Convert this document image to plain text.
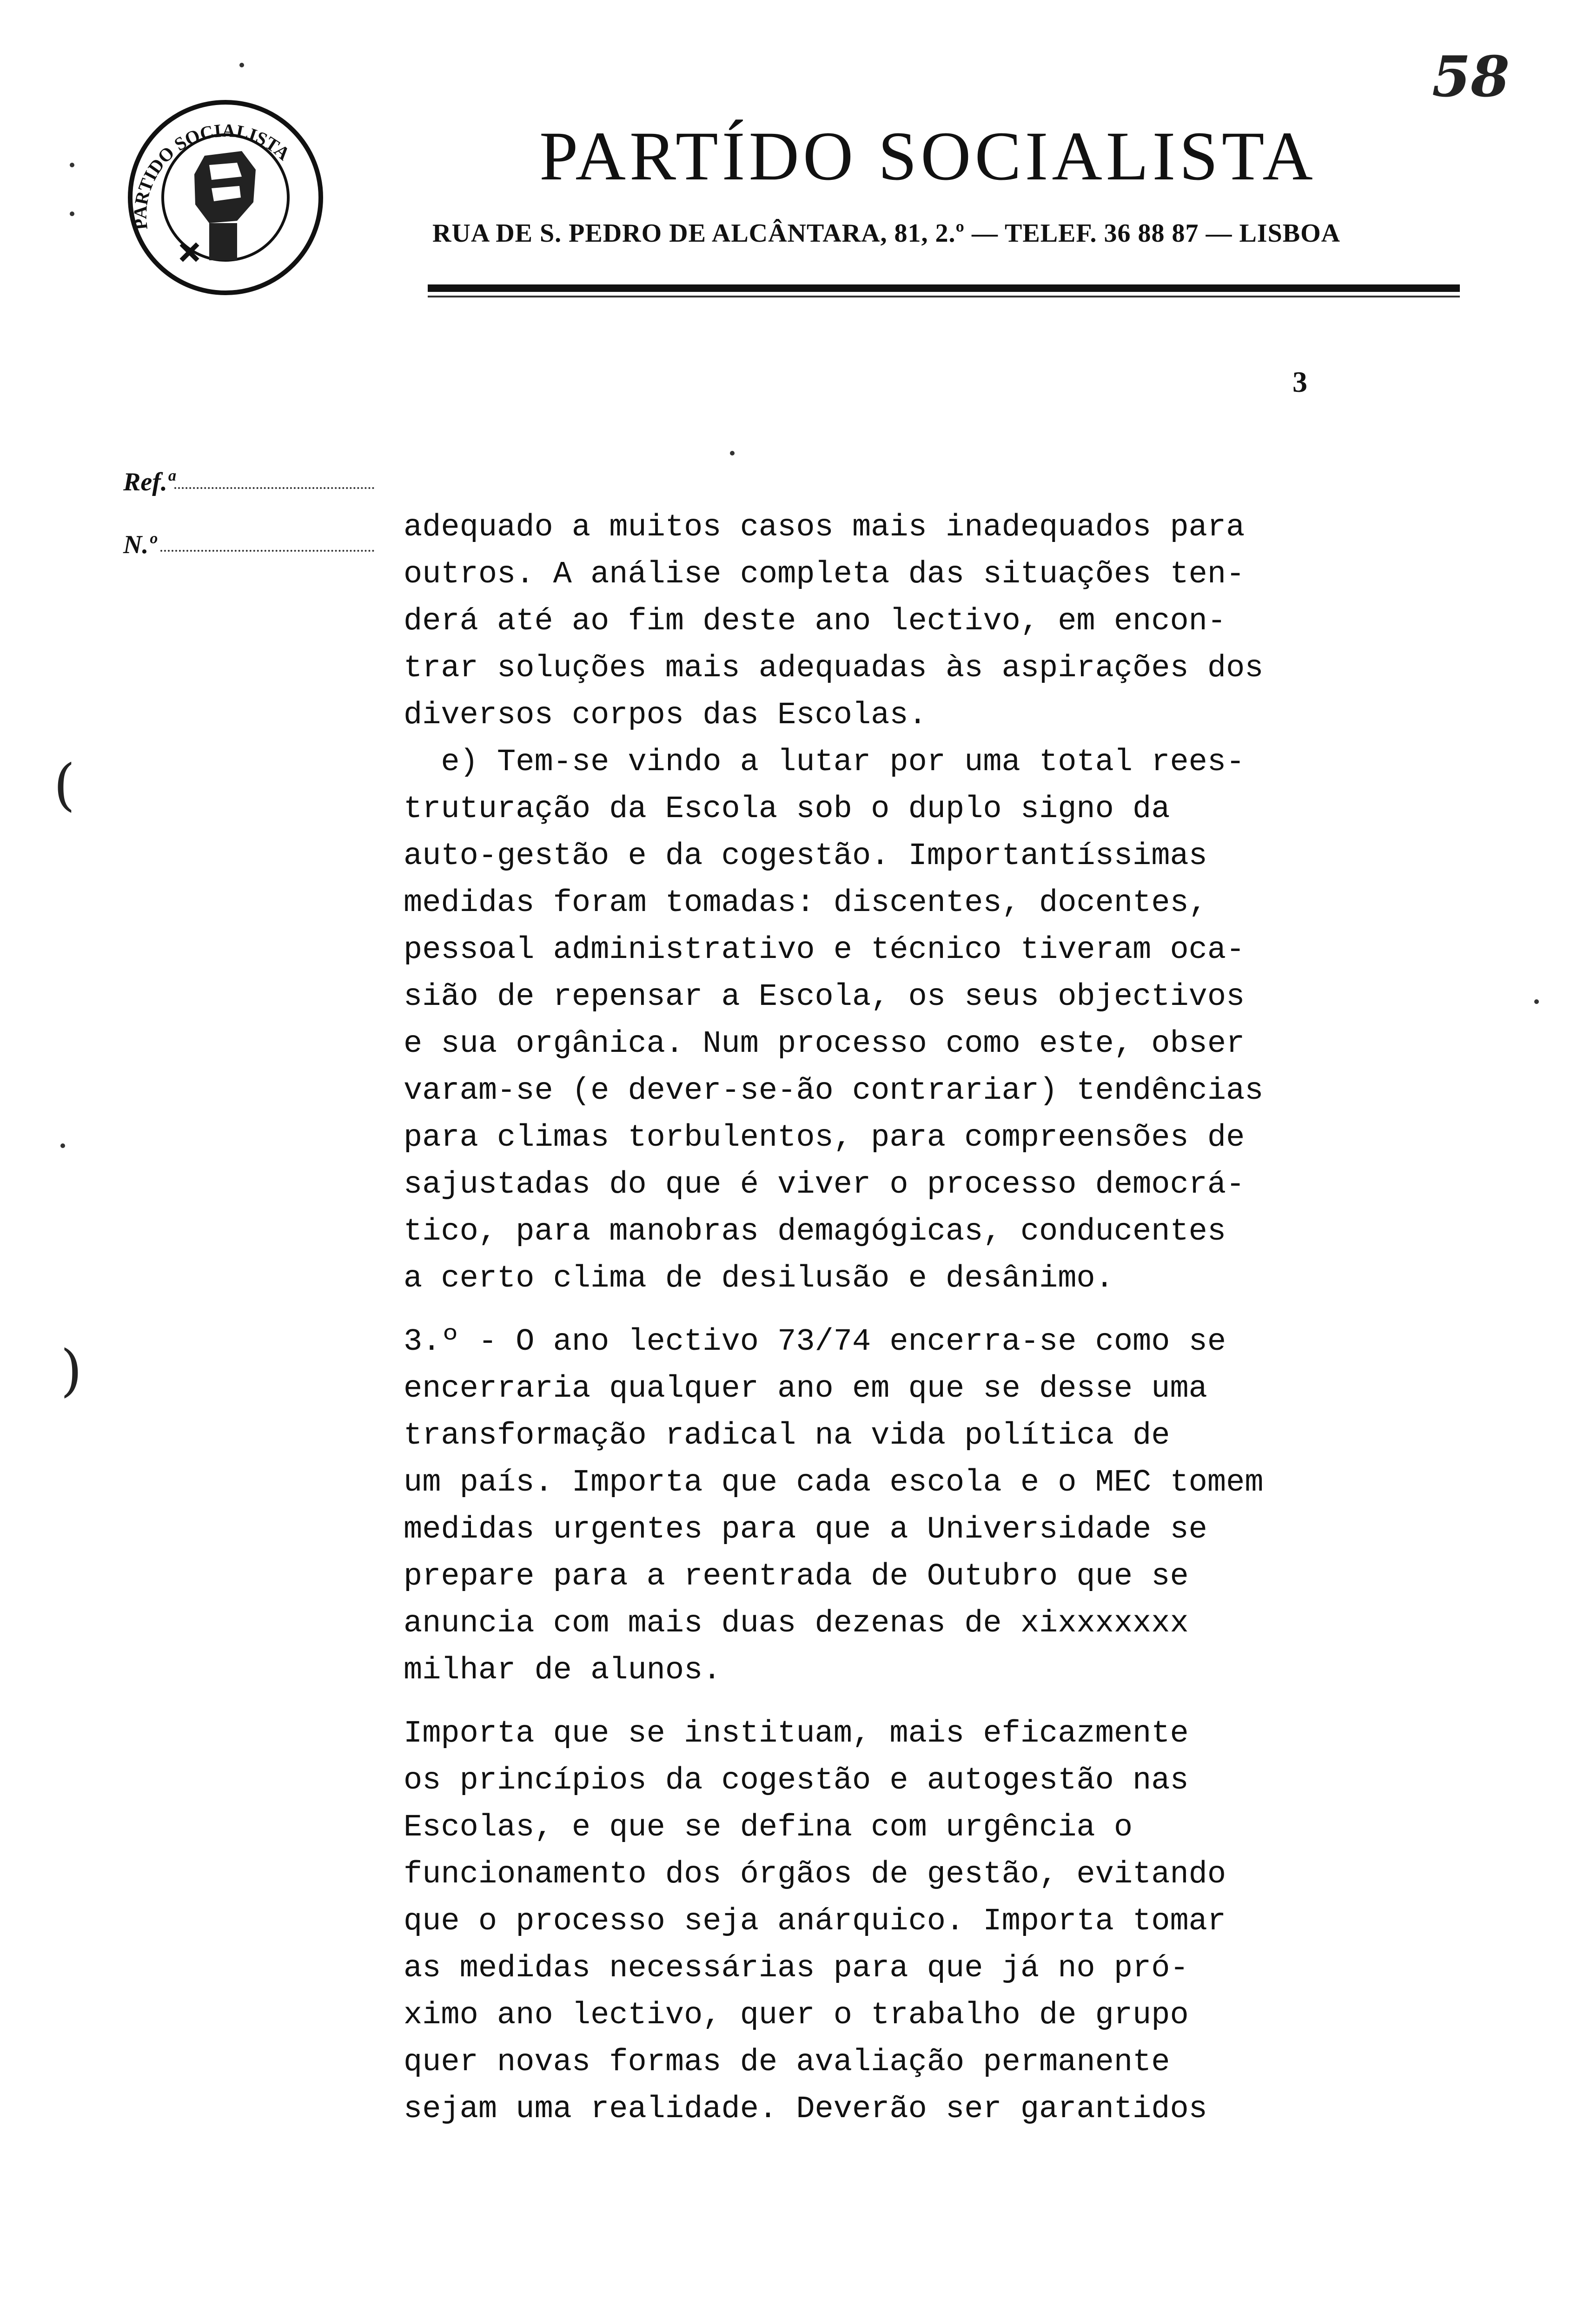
58
PARTIDO SOCIALISTA	PARTÍDO SOCIALISTA
RUA DE S. PEDRO DE ALCÂNTARA, 81, 2.º — TELEF. 36 88 87 — LISBOA
3
Ref.ª
N.º	adequado a muitos casos mais inadequados para
outros. A análise completa das situações ten-
derá até ao fim deste ano lectivo, em encon-
trar soluções mais adequadas às aspirações dos
diversos corpos das Escolas.
e) Tem-se vindo a lutar por uma total rees-
truturação da Escola sob o duplo signo da
auto-gestão e da cogestão. Importantíssimas
medidas foram tomadas: discentes, docentes,
pessoal administrativo e técnico tiveram oca-
sião de repensar a Escola, os seus objectivos
e sua orgânica. Num processo como este, obser
varam-se (e dever-se-ão contrariar) tendências
para climas torbulentos, para compreensões de
sajustadas do que é viver o processo democrá-
tico, para manobras demagógicas, conducentes
a certo clima de desilusão e desânimo.
3.º - O ano lectivo 73/74 encerra-se como se
encerraria qualquer ano em que se desse uma
transformação radical na vida política de
um país. Importa que cada escola e o MEC tomem
medidas urgentes para que a Universidade se
prepare para a reentrada de Outubro que se
anuncia com mais duas dezenas de xixxxxxxx
milhar de alunos.
Importa que se instituam, mais eficazmente
os princípios da cogestão e autogestão nas
Escolas, e que se defina com urgência o
funcionamento dos órgãos de gestão, evitando
que o processo seja anárquico. Importa tomar
as medidas necessárias para que já no pró-
ximo ano lectivo, quer o trabalho de grupo
quer novas formas de avaliação permanente
sejam uma realidade. Deverão ser garantidos
(
)
